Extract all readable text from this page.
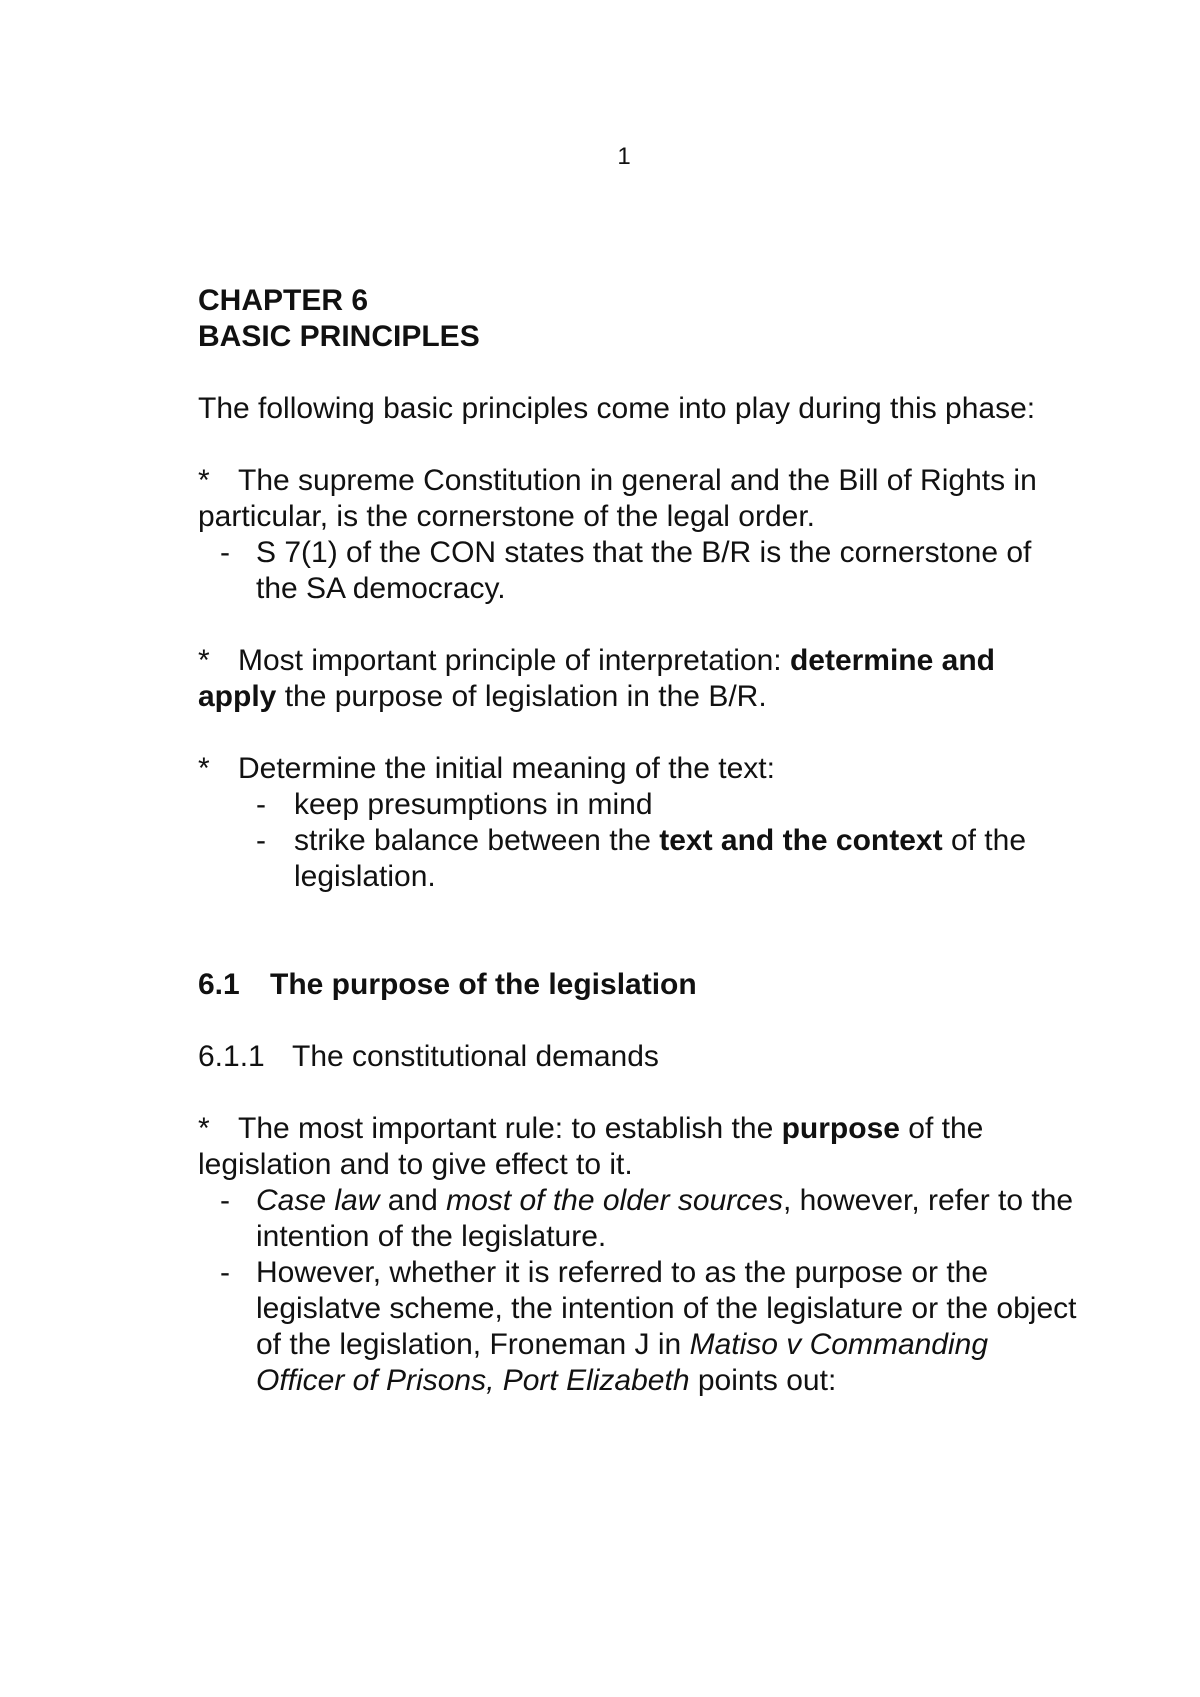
1
CHAPTER 6
BASIC PRINCIPLES

The following basic principles come into play during this phase:

* The supreme Constitution in general and the Bill of Rights in particular, is the cornerstone of the legal order.
- S 7(1) of the CON states that the B/R is the cornerstone of the SA democracy.
* Most important principle of interpretation: determine and apply the purpose of legislation in the B/R.
* Determine the initial meaning of the text:
- keep presumptions in mind
- strike balance between the text and the context of the legislation.
6.1 The purpose of the legislation
6.1.1 The constitutional demands
* The most important rule: to establish the purpose of the legislation and to give effect to it.
- Case law and most of the older sources, however, refer to the intention of the legislature.
- However, whether it is referred to as the purpose or the legislatve scheme, the intention of the legislature or the object of the legislation, Froneman J in Matiso v Commanding Officer of Prisons, Port Elizabeth points out:
